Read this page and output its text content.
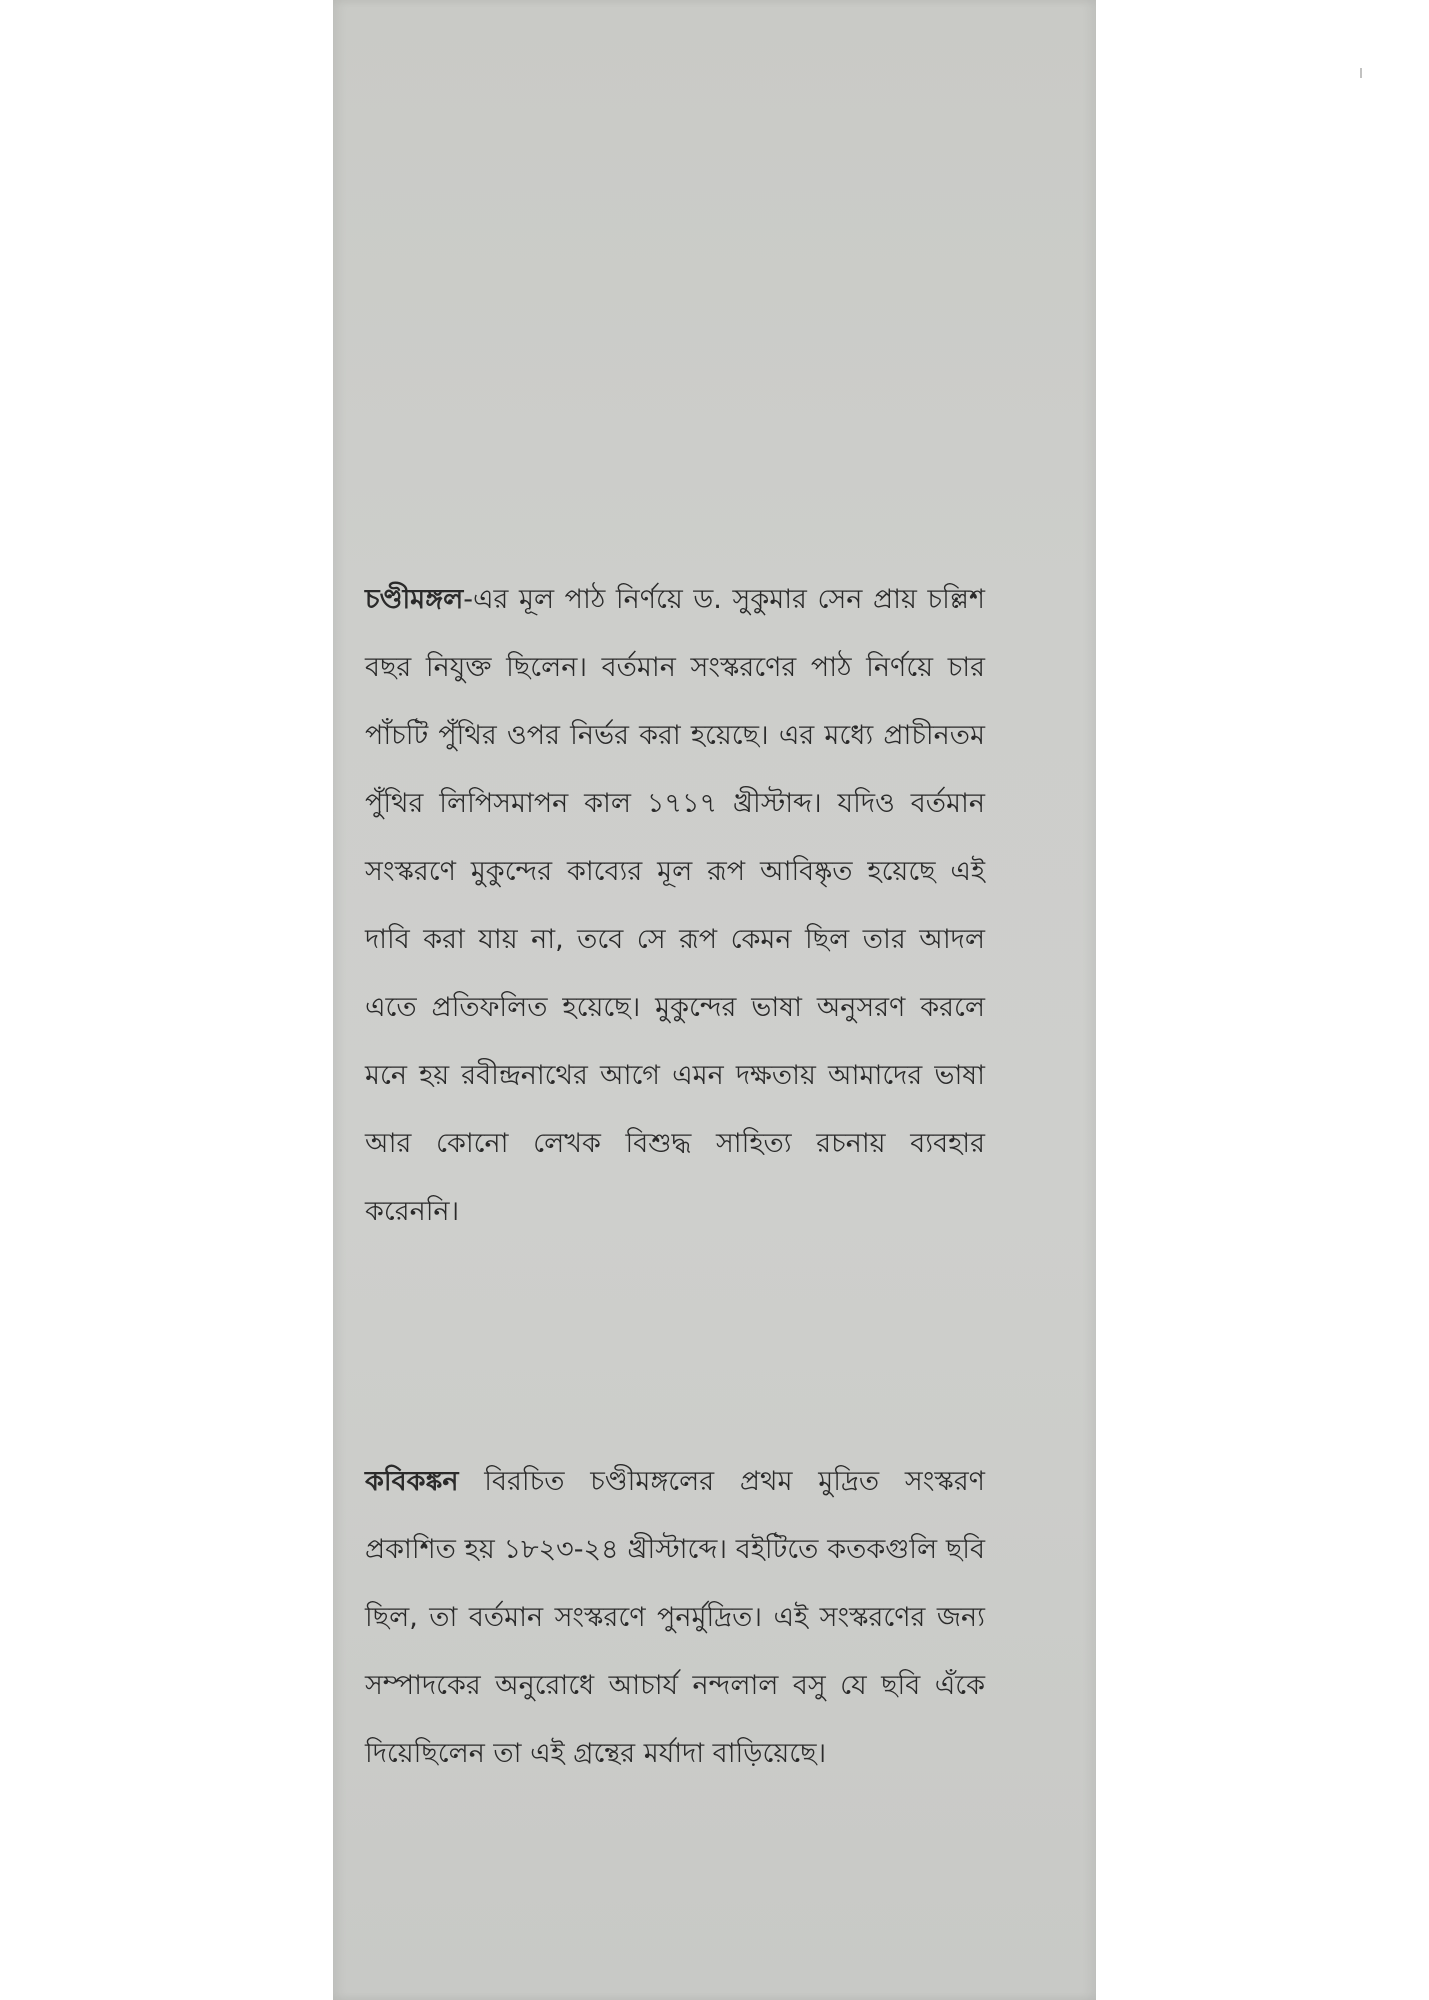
চণ্ডীমঙ্গল-এর মূল পাঠ নির্ণয়ে ড. সুকুমার সেন প্রায় চল্লিশ বছর নিযুক্ত ছিলেন। বর্তমান সংস্করণের পাঠ নির্ণয়ে চার পাঁচটি পুঁথির ওপর নির্ভর করা হয়েছে। এর মধ্যে প্রাচীনতম পুঁথির লিপিসমাপন কাল ১৭১৭ খ্রীস্টাব্দ। যদিও বর্তমান সংস্করণে মুকুন্দের কাব্যের মূল রূপ আবিষ্কৃত হয়েছে এই দাবি করা যায় না, তবে সে রূপ কেমন ছিল তার আদল এতে প্রতিফলিত হয়েছে। মুকুন্দের ভাষা অনুসরণ করলে মনে হয় রবীন্দ্রনাথের আগে এমন দক্ষতায় আমাদের ভাষা আর কোনো লেখক বিশুদ্ধ সাহিত্য রচনায় ব্যবহার করেননি।

কবিকঙ্কন বিরচিত চণ্ডীমঙ্গলের প্রথম মুদ্রিত সংস্করণ প্রকাশিত হয় ১৮২৩-২৪ খ্রীস্টাব্দে। বইটিতে কতকগুলি ছবি ছিল, তা বর্তমান সংস্করণে পুনর্মুদ্রিত। এই সংস্করণের জন্য সম্পাদকের অনুরোধে আচার্য নন্দলাল বসু যে ছবি এঁকে দিয়েছিলেন তা এই গ্রন্থের মর্যাদা বাড়িয়েছে।
